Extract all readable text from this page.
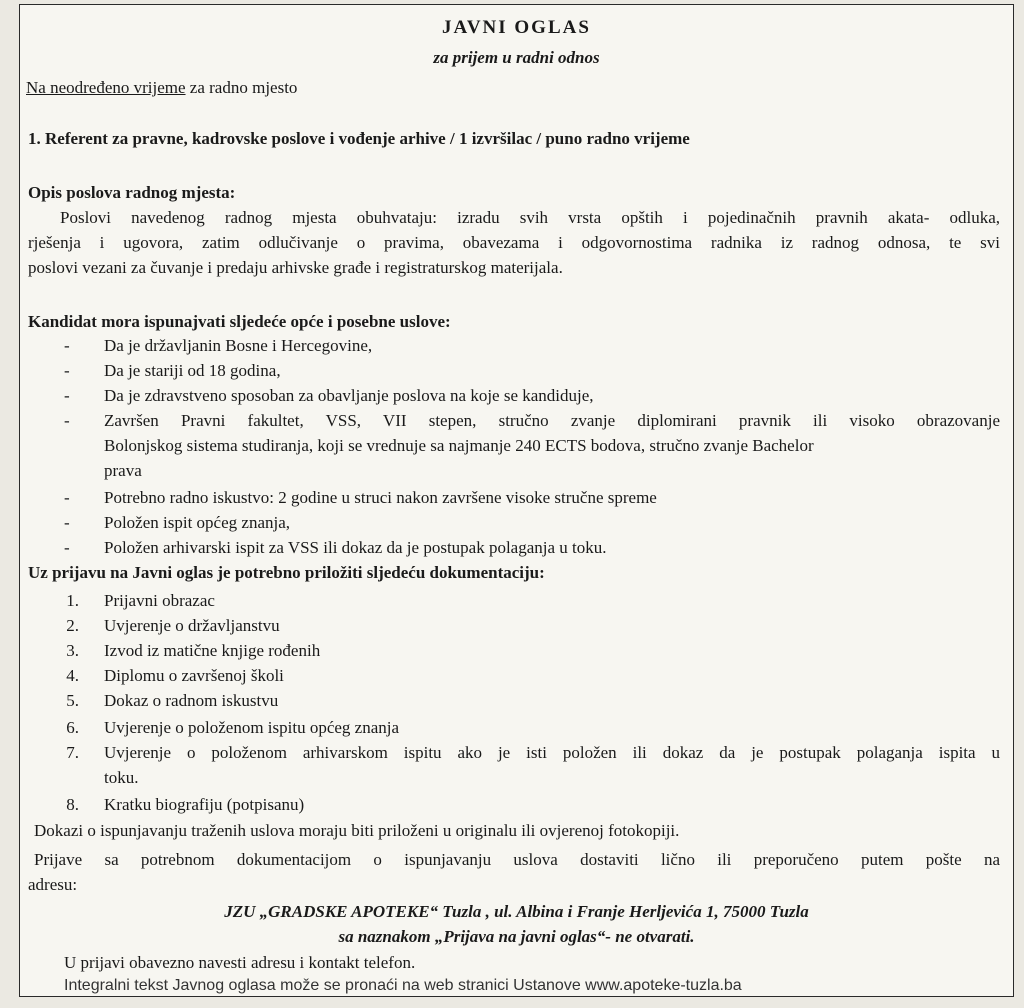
JAVNI OGLAS
za prijem u radni odnos
Na neodređeno vrijeme za radno mjesto
1. Referent za pravne, kadrovske poslove i vođenje arhive / 1 izvršilac / puno radno vrijeme
Opis poslova radnog mjesta:
Poslovi navedenog radnog mjesta obuhvataju: izradu svih vrsta opštih i pojedinačnih pravnih akata- odluka,
rješenja i ugovora, zatim odlučivanje o pravima, obavezama i odgovornostima radnika iz radnog odnosa, te svi
poslovi vezani za čuvanje i predaju arhivske građe i registraturskog materijala.
Kandidat mora ispunajvati sljedeće opće i posebne uslove:
- Da je državljanin Bosne i Hercegovine,
- Da je stariji od 18 godina,
- Da je zdravstveno sposoban za obavljanje poslova na koje se kandiduje,
- Završen Pravni fakultet, VSS, VII stepen, stručno zvanje diplomirani pravnik ili visoko obrazovanje
Bolonjskog sistema studiranja, koji se vrednuje sa najmanje 240 ECTS bodova, stručno zvanje Bachelor
prava
- Potrebno radno iskustvo: 2 godine u struci nakon završene visoke stručne spreme
- Položen ispit općeg znanja,
- Položen arhivarski ispit za VSS ili dokaz da je postupak polaganja u toku.
Uz prijavu na Javni oglas je potrebno priložiti sljedeću dokumentaciju:
1. Prijavni obrazac
2. Uvjerenje o državljanstvu
3. Izvod iz matične knjige rođenih
4. Diplomu o završenoj školi
5. Dokaz o radnom iskustvu
6. Uvjerenje o položenom ispitu općeg znanja
7. Uvjerenje o položenom arhivarskom ispitu ako je isti položen ili dokaz da je postupak polaganja ispita u
toku.
8. Kratku biografiju (potpisanu)
Dokazi o ispunjavanju traženih uslova moraju biti priloženi u originalu ili ovjerenoj fotokopiji.
Prijave sa potrebnom dokumentacijom o ispunjavanju uslova dostaviti lično ili preporučeno putem pošte na
adresu:
JZU „GRADSKE APOTEKE“ Tuzla , ul. Albina i Franje Herljevića 1, 75000 Tuzla
sa naznakom „Prijava na javni oglas“- ne otvarati.
U prijavi obavezno navesti adresu i kontakt telefon.
Integralni tekst Javnog oglasa može se pronaći na web stranici Ustanove www.apoteke-tuzla.ba
